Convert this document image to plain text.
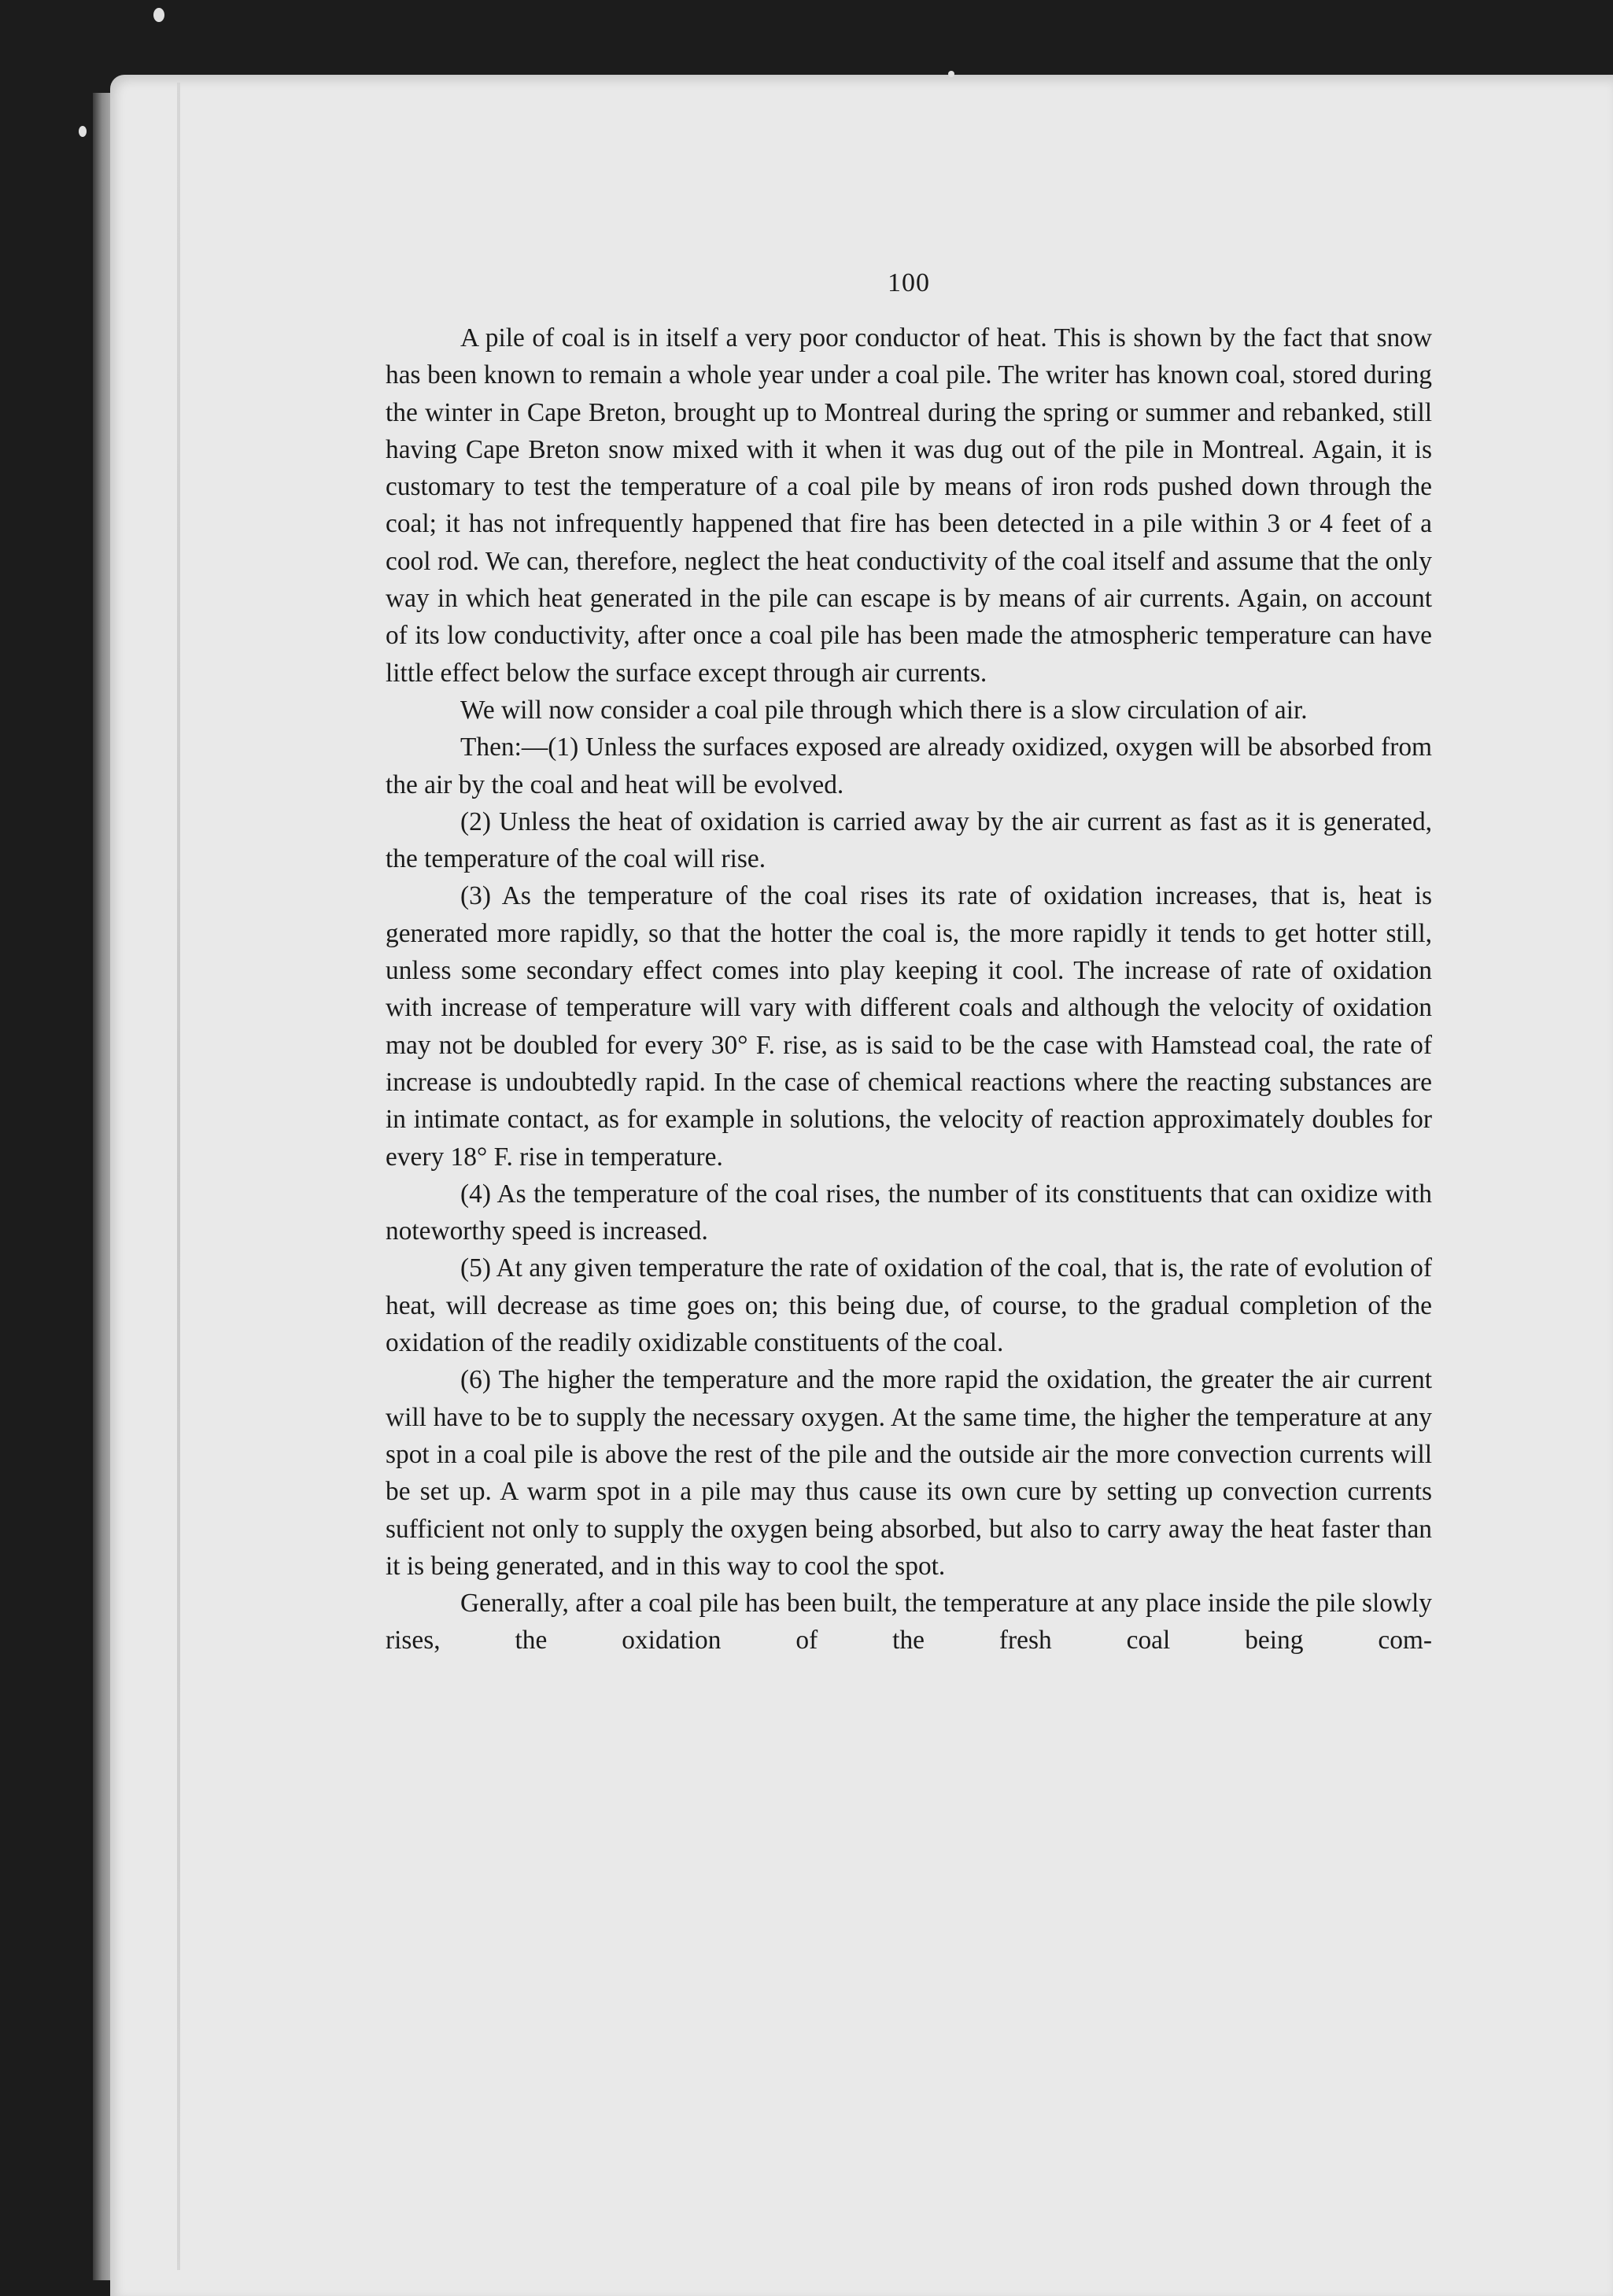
100

A pile of coal is in itself a very poor conductor of heat. This is shown by the fact that snow has been known to remain a whole year under a coal pile. The writer has known coal, stored during the winter in Cape Breton, brought up to Montreal during the spring or summer and rebanked, still having Cape Breton snow mixed with it when it was dug out of the pile in Montreal. Again, it is customary to test the temperature of a coal pile by means of iron rods pushed down through the coal; it has not infrequently happened that fire has been detected in a pile within 3 or 4 feet of a cool rod. We can, therefore, neglect the heat conductivity of the coal itself and assume that the only way in which heat generated in the pile can escape is by means of air currents. Again, on account of its low conductivity, after once a coal pile has been made the atmospheric temperature can have little effect below the surface except through air currents.

We will now consider a coal pile through which there is a slow circulation of air.

Then:—(1) Unless the surfaces exposed are already oxidized, oxygen will be absorbed from the air by the coal and heat will be evolved.

(2) Unless the heat of oxidation is carried away by the air current as fast as it is generated, the temperature of the coal will rise.

(3) As the temperature of the coal rises its rate of oxidation increases, that is, heat is generated more rapidly, so that the hotter the coal is, the more rapidly it tends to get hotter still, unless some secondary effect comes into play keeping it cool. The increase of rate of oxidation with increase of temperature will vary with different coals and although the velocity of oxidation may not be doubled for every 30° F. rise, as is said to be the case with Hamstead coal, the rate of increase is undoubtedly rapid. In the case of chemical reactions where the reacting substances are in intimate contact, as for example in solutions, the velocity of reaction approximately doubles for every 18° F. rise in temperature.

(4) As the temperature of the coal rises, the number of its constituents that can oxidize with noteworthy speed is increased.

(5) At any given temperature the rate of oxidation of the coal, that is, the rate of evolution of heat, will decrease as time goes on; this being due, of course, to the gradual completion of the oxidation of the readily oxidizable constituents of the coal.

(6) The higher the temperature and the more rapid the oxidation, the greater the air current will have to be to supply the necessary oxygen. At the same time, the higher the temperature at any spot in a coal pile is above the rest of the pile and the outside air the more convection currents will be set up. A warm spot in a pile may thus cause its own cure by setting up convection currents sufficient not only to supply the oxygen being absorbed, but also to carry away the heat faster than it is being generated, and in this way to cool the spot.

Generally, after a coal pile has been built, the temperature at any place inside the pile slowly rises, the oxidation of the fresh coal being com-
